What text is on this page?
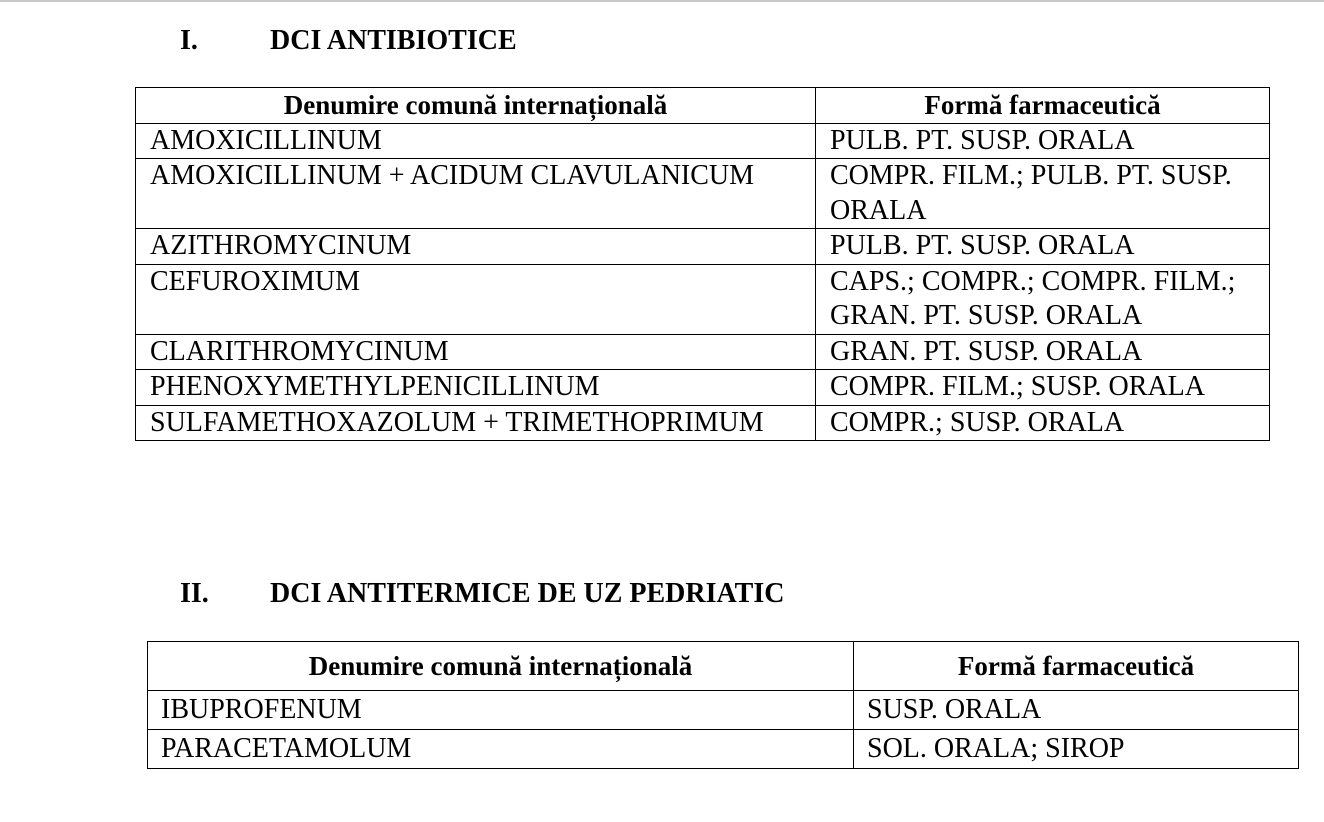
I.	DCI ANTIBIOTICE
Denumire comună internațională	Formă farmaceutică
AMOXICILLINUM	PULB. PT. SUSP. ORALA
AMOXICILLINUM + ACIDUM CLAVULANICUM	COMPR. FILM.; PULB. PT. SUSP. ORALA
AZITHROMYCINUM	PULB. PT. SUSP. ORALA
CEFUROXIMUM	CAPS.; COMPR.; COMPR. FILM.; GRAN. PT. SUSP. ORALA
CLARITHROMYCINUM	GRAN. PT. SUSP. ORALA
PHENOXYMETHYLPENICILLINUM	COMPR. FILM.; SUSP. ORALA
SULFAMETHOXAZOLUM + TRIMETHOPRIMUM	COMPR.; SUSP. ORALA
II. DCI ANTITERMICE DE UZ PEDRIATIC
Denumire comună internațională	Formă farmaceutică
IBUPROFENUM	SUSP. ORALA
PARACETAMOLUM	SOL. ORALA; SIROP
